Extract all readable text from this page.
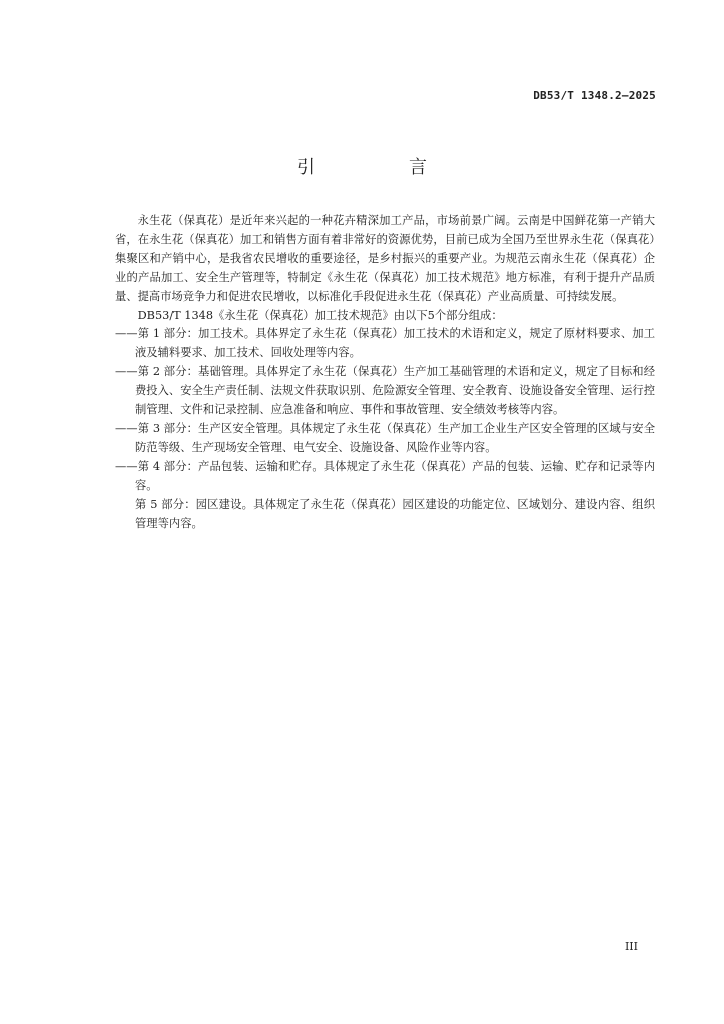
DB53/T 1348.2—2025
引　言

永生花（保真花）是近年来兴起的一种花卉精深加工产品，市场前景广阔。云南是中国鲜花第一产销大省，在永生花（保真花）加工和销售方面有着非常好的资源优势，目前已成为全国乃至世界永生花（保真花）集聚区和产销中心，是我省农民增收的重要途径，是乡村振兴的重要产业。为规范云南永生花（保真花）企业的产品加工、安全生产管理等，特制定《永生花（保真花）加工技术规范》地方标准，有利于提升产品质量、提高市场竞争力和促进农民增收，以标准化手段促进永生花（保真花）产业高质量、可持续发展。

DB53/T 1348《永生花（保真花）加工技术规范》由以下5个部分组成：

——第 1 部分：加工技术。具体界定了永生花（保真花）加工技术的术语和定义，规定了原材料要求、加工液及辅料要求、加工技术、回收处理等内容。

——第 2 部分：基础管理。具体界定了永生花（保真花）生产加工基础管理的术语和定义，规定了目标和经费投入、安全生产责任制、法规文件获取识别、危险源安全管理、安全教育、设施设备安全管理、运行控制管理、文件和记录控制、应急准备和响应、事件和事故管理、安全绩效考核等内容。

——第 3 部分：生产区安全管理。具体规定了永生花（保真花）生产加工企业生产区安全管理的区域与安全防范等级、生产现场安全管理、电气安全、设施设备、风险作业等内容。

——第 4 部分：产品包装、运输和贮存。具体规定了永生花（保真花）产品的包装、运输、贮存和记录等内容。

第 5 部分：园区建设。具体规定了永生花（保真花）园区建设的功能定位、区域划分、建设内容、组织管理等内容。

III
